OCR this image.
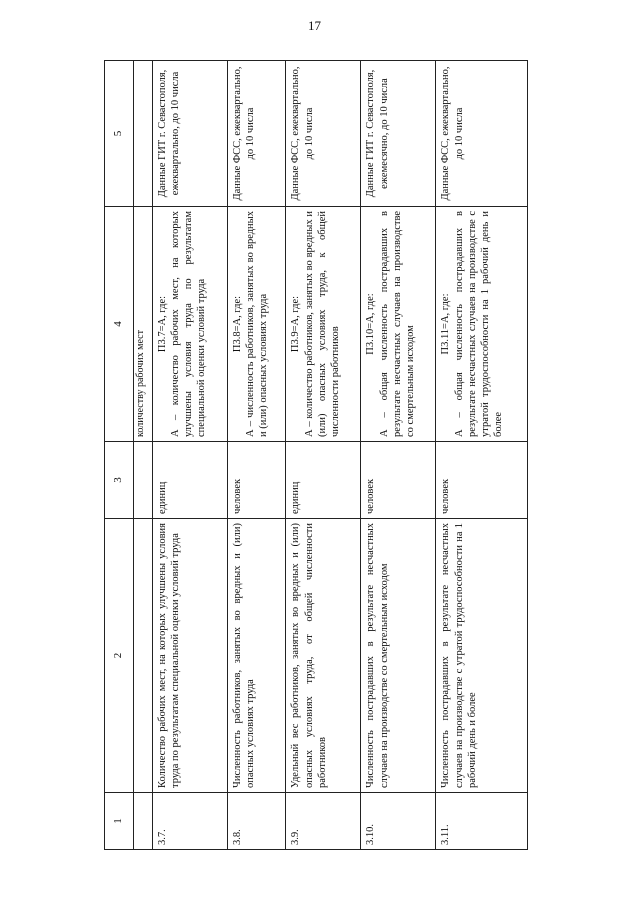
17
1	2	3	4	5
			количеству рабочих мест	
3.7.	Количество рабочих мест, на которых улучшены условия труда по результатам специальной оценки условий труда	единиц	П3.7=А, где: А – количество рабочих мест, на которых улучшены условия труда по результатам специальной оценки условий труда	Данные ГИТ г. Севастополя, ежеквартально, до 10 числа
3.8.	Численность работников, занятых во вредных и (или) опасных условиях труда	человек	П3.8=А, где: А – численность работников, занятых во вредных и (или) опасных условиях труда	Данные ФСС, ежеквартально, до 10 числа
3.9.	Удельный вес работников, занятых во вредных и (или) опасных условиях труда, от общей численности работников	единиц	П3.9=А, где: А – количество работников, занятых во вредных и (или) опасных условиях труда, к общей численности работников	Данные ФСС, ежеквартально, до 10 числа
3.10.	Численность пострадавших в результате несчастных случаев на производстве со смертельным исходом	человек	П3.10=А, где: А – общая численность пострадавших в результате несчастных случаев на производстве со смертельным исходом	Данные ГИТ г. Севастополя, ежемесячно, до 10 числа
3.11.	Численность пострадавших в результате несчастных случаев на производстве с утратой трудоспособности на 1 рабочий день и более	человек	П3.11=А, где: А – общая численность пострадавших в результате несчастных случаев на производстве с утратой трудоспособности на 1 рабочий день и более	Данные ФСС, ежеквартально, до 10 числа
